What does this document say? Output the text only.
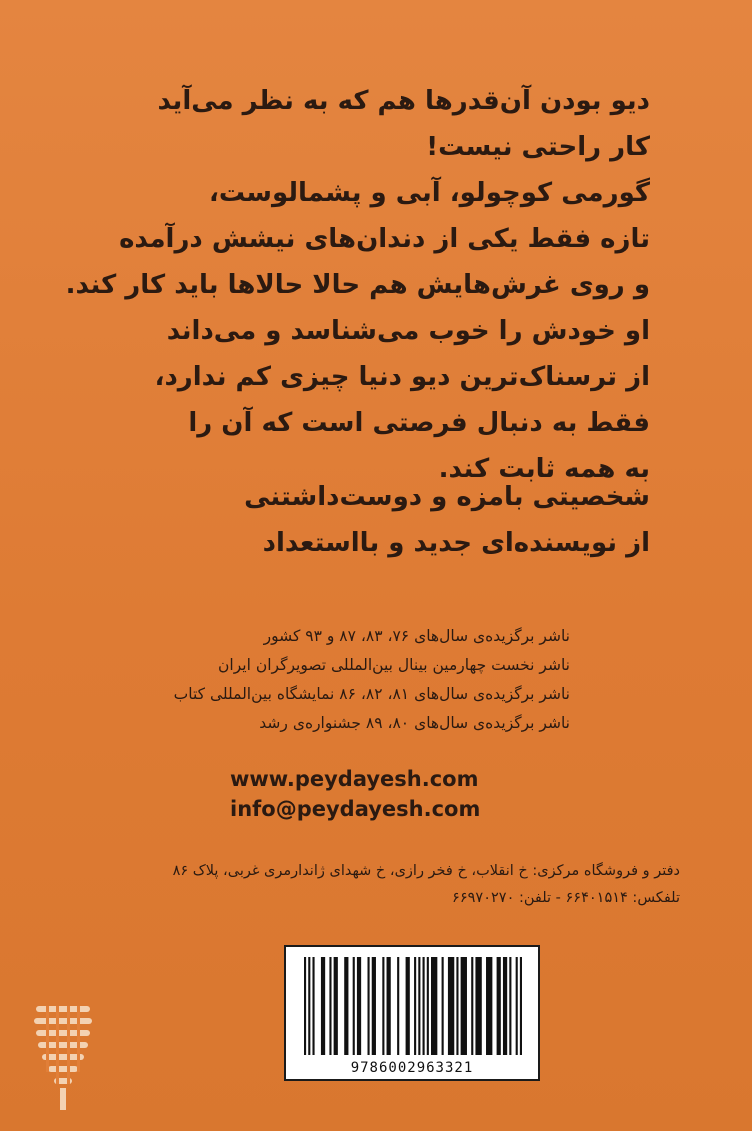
دیو بودن آن‌قدرها هم که به نظر می‌آید
کار راحتی نیست!
گورمی کوچولو، آبی و پشمالوست،
تازه فقط یکی از دندان‌های نیشش درآمده
و روی غرش‌هایش هم حالا حالاها باید کار کند.
او خودش را خوب می‌شناسد و می‌داند
از ترسناک‌ترین دیو دنیا چیزی کم ندارد،
فقط به دنبال فرصتی است که آن را
به همه ثابت کند.
شخصیتی بامزه و دوست‌داشتنی
از نویسنده‌ای جدید و بااستعداد
ناشر برگزیده‌ی سال‌های ۷۶، ۸۳، ۸۷ و ۹۳ کشور
ناشر نخست چهارمین بینال بین‌المللی تصویرگران ایران
ناشر برگزیده‌ی سال‌های ۸۱، ۸۲، ۸۶ نمایشگاه بین‌المللی کتاب
ناشر برگزیده‌ی سال‌های ۸۰، ۸۹ جشنواره‌ی رشد
www.peydayesh.com
info@peydayesh.com
دفتر و فروشگاه مرکزی: خ انقلاب، خ فخر رازی، خ شهدای ژاندارمری غربی، پلاک ۸۶
تلفکس: ۶۶۴۰۱۵۱۴ - تلفن: ۶۶۹۷۰۲۷۰
9786002963321
